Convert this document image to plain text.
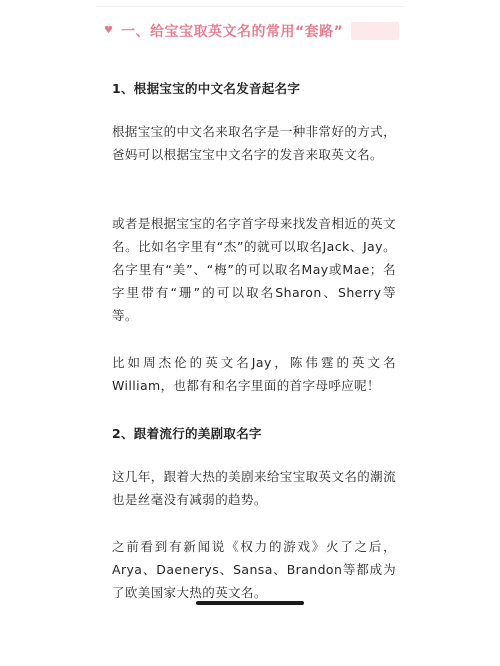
♥ 一、给宝宝取英文名的常用“套路”
1、根据宝宝的中文名发音起名字
根据宝宝的中文名来取名字是一种非常好的方式，爸妈可以根据宝宝中文名字的发音来取英文名。
或者是根据宝宝的名字首字母来找发音相近的英文名。比如名字里有“杰”的就可以取名Jack、Jay。名字里有“美”、“梅”的可以取名May或Mae；名字里带有“珊”的可以取名Sharon、Sherry等等。
比如周杰伦的英文名Jay，陈伟霆的英文名William，也都有和名字里面的首字母呼应呢！
2、跟着流行的美剧取名字
这几年，跟着大热的美剧来给宝宝取英文名的潮流也是丝毫没有减弱的趋势。
之前看到有新闻说《权力的游戏》火了之后，Arya、Daenerys、Sansa、Brandon等都成为了欧美国家大热的英文名。
